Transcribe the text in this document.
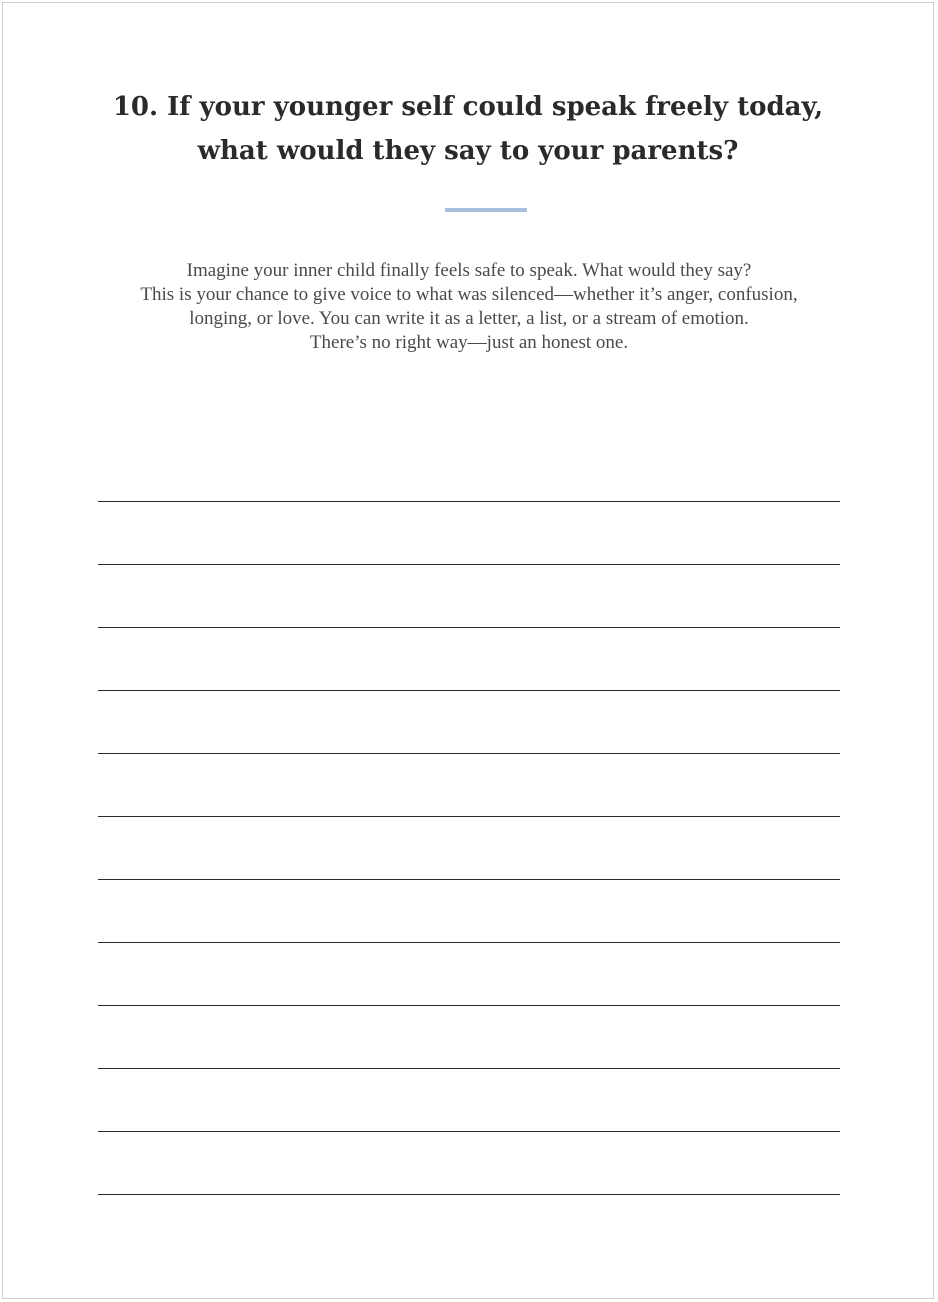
10. If your younger self could speak freely today,
what would they say to your parents?
Imagine your inner child finally feels safe to speak. What would they say?
This is your chance to give voice to what was silenced—whether it’s anger, confusion,
longing, or love. You can write it as a letter, a list, or a stream of emotion.
There’s no right way—just an honest one.
